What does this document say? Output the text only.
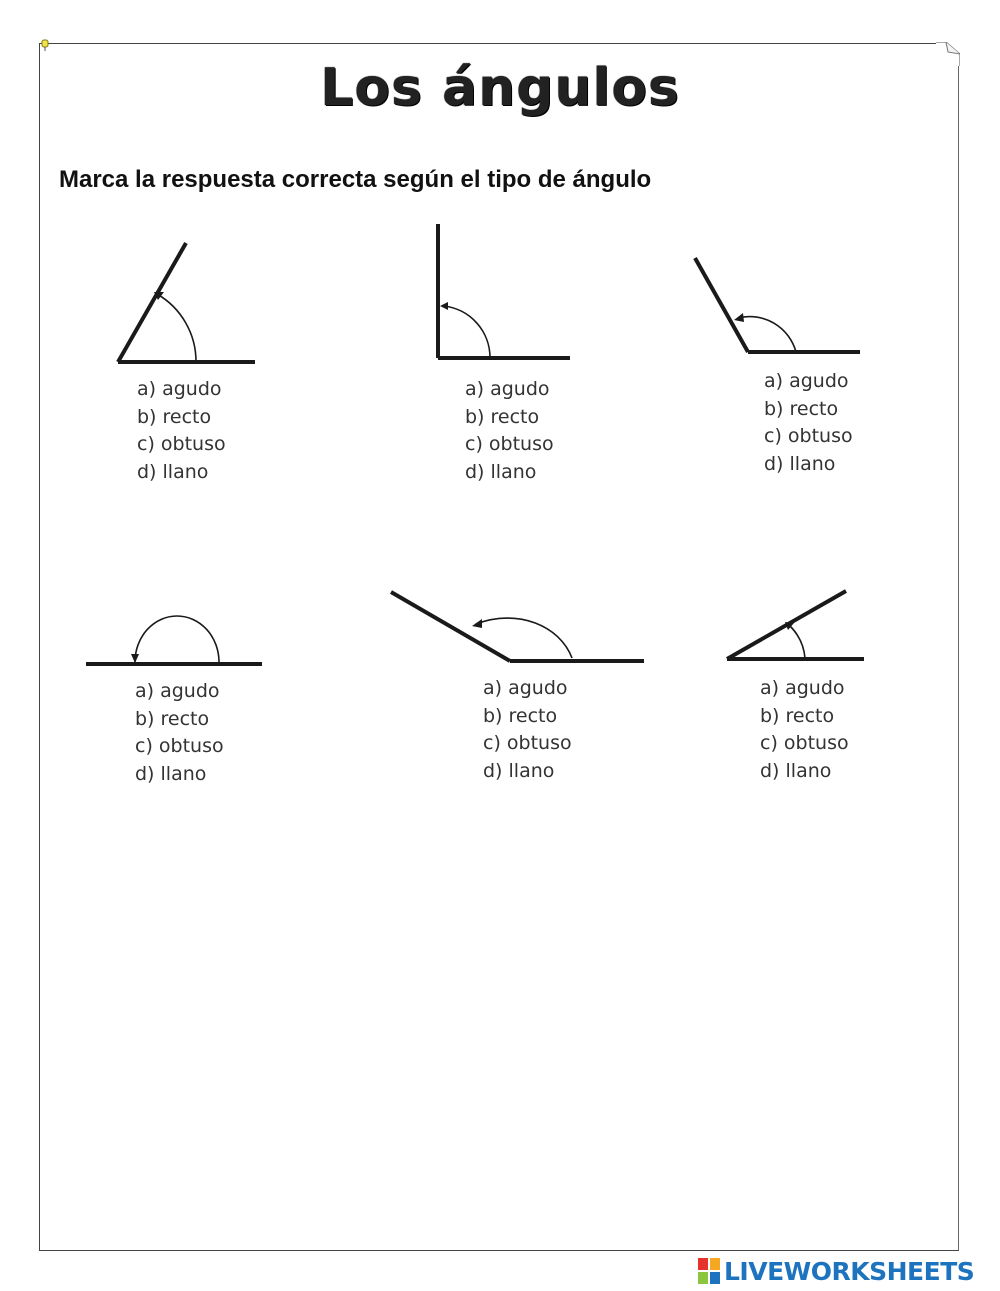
Los ángulos
Marca la respuesta correcta según el tipo de ángulo
a) agudo
b) recto
c) obtuso
d) llano
a) agudo
b) recto
c) obtuso
d) llano
a) agudo
b) recto
c) obtuso
d) llano
a) agudo
b) recto
c) obtuso
d) llano
a) agudo
b) recto
c) obtuso
d) llano
a) agudo
b) recto
c) obtuso
d) llano
LIVEWORKSHEETS
